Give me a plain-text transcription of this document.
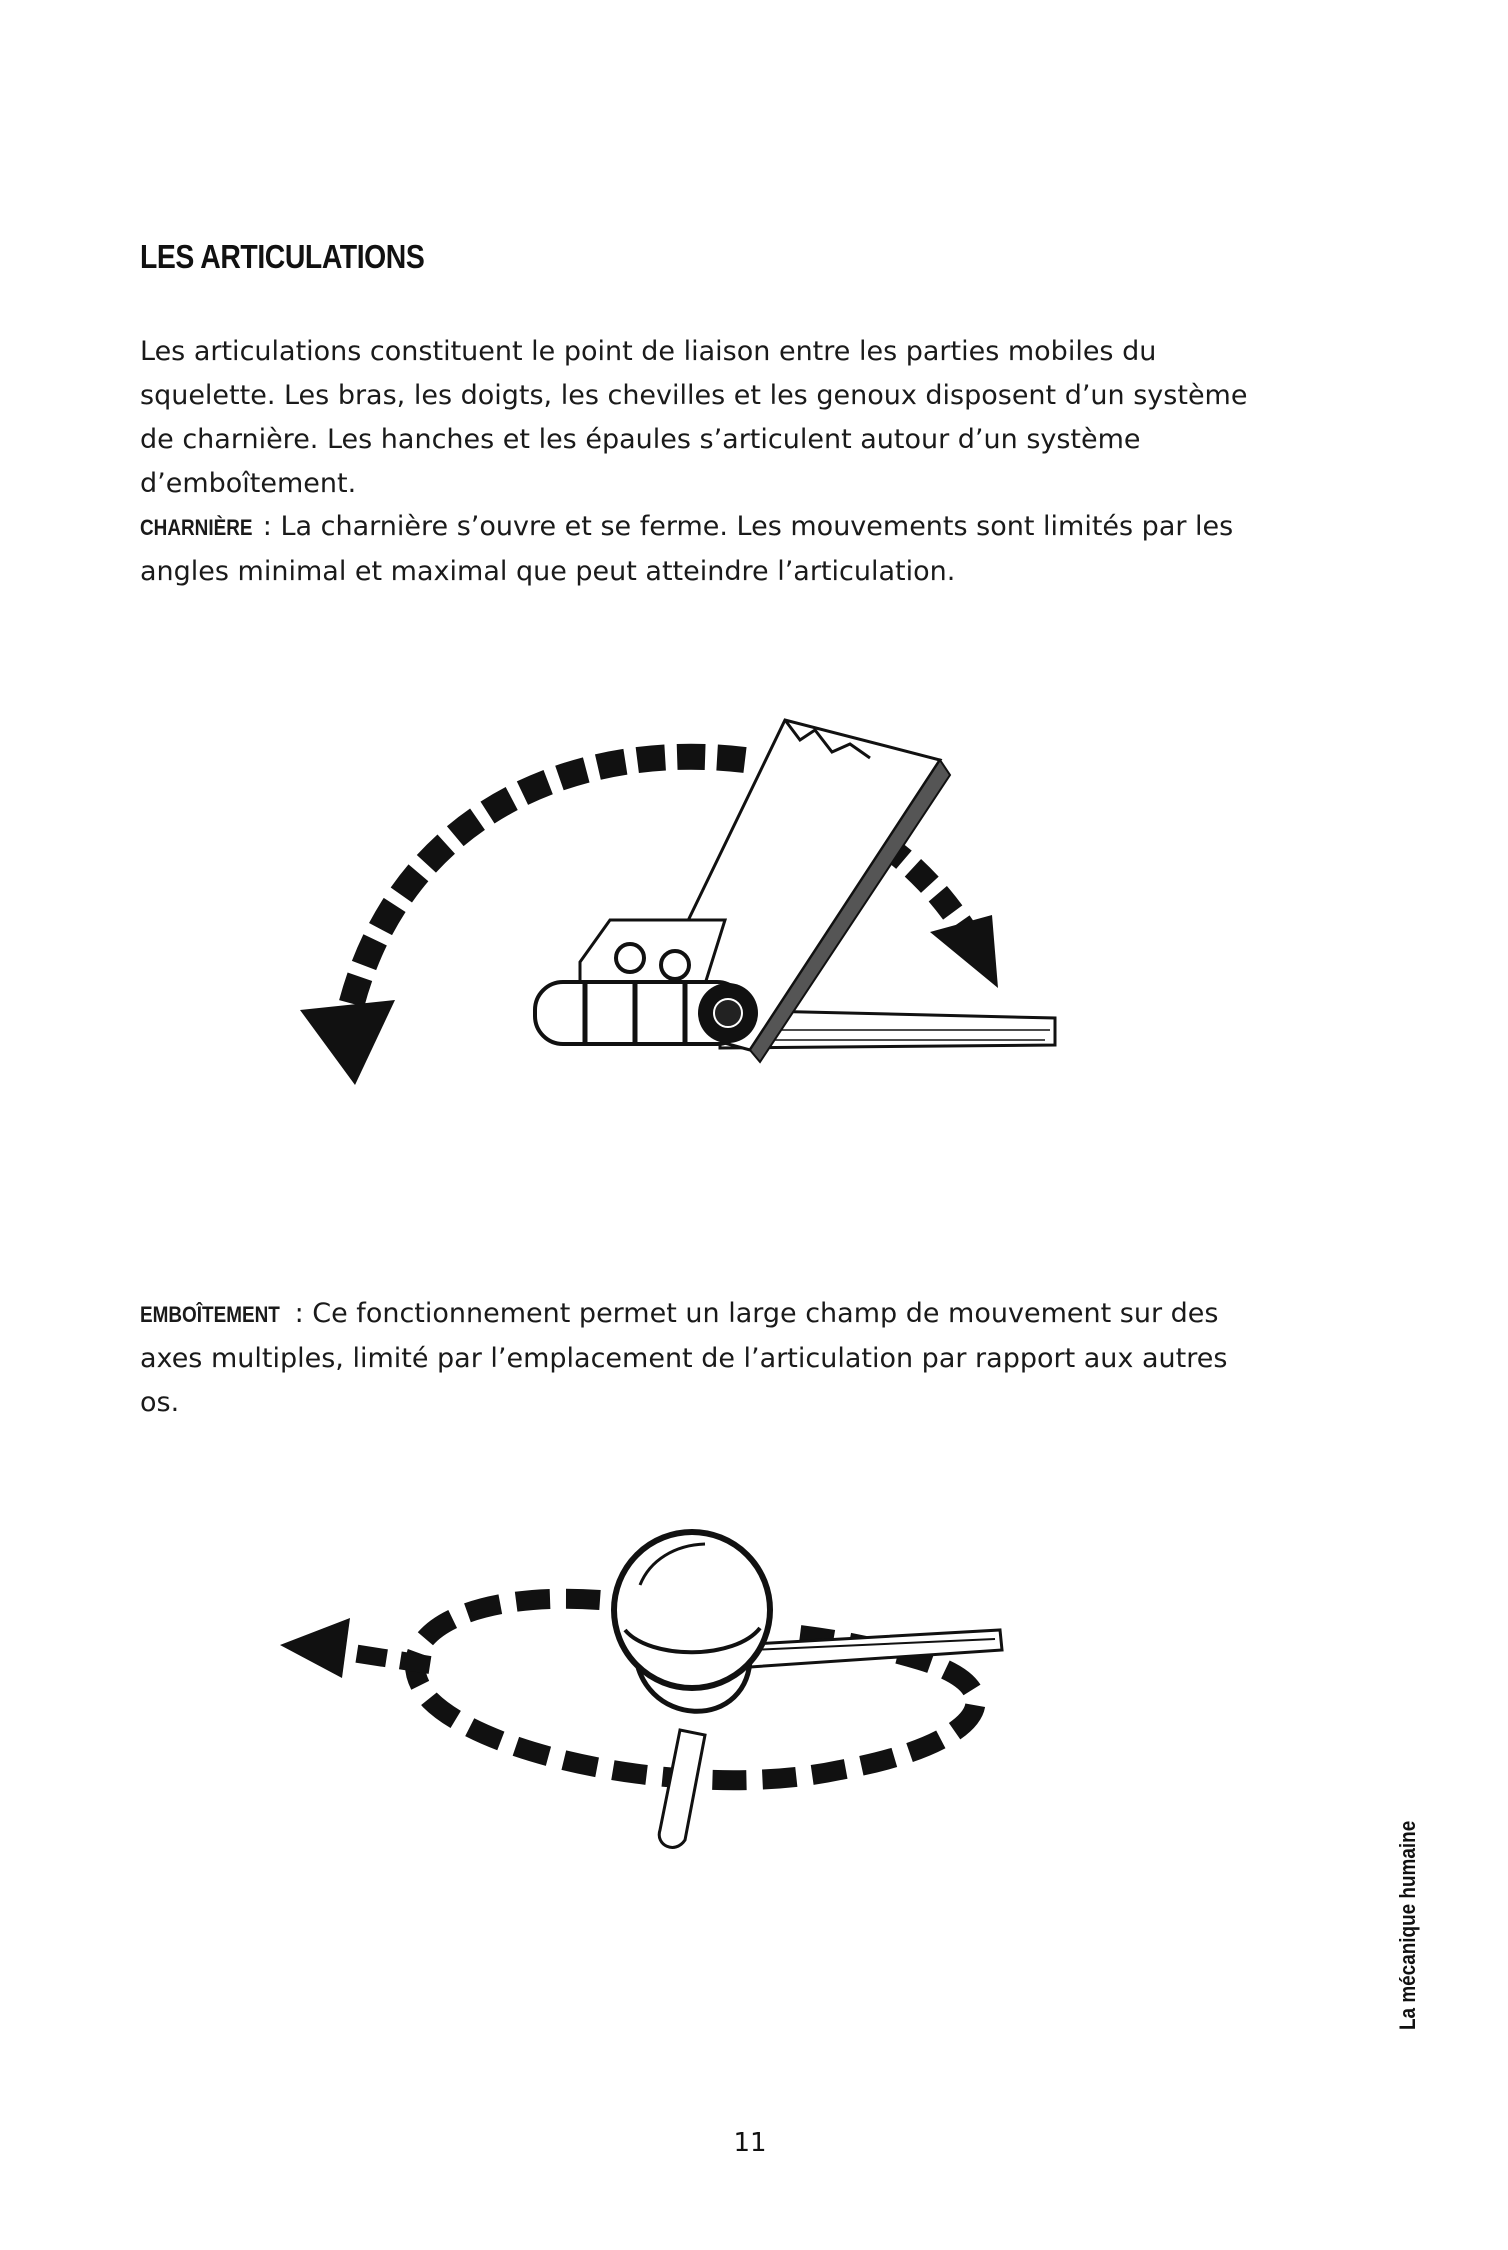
LES ARTICULATIONS

Les articulations constituent le point de liaison entre les parties mobiles du squelette. Les bras, les doigts, les chevilles et les genoux disposent d’un système de charnière. Les hanches et les épaules s’articulent autour d’un système d’emboîtement.

CHARNIÈRE : La charnière s’ouvre et se ferme. Les mouvements sont limités par les angles minimal et maximal que peut atteindre l’articulation.

EMBOÎTEMENT : Ce fonctionnement permet un large champ de mouvement sur des axes multiples, limité par l’emplacement de l’articulation par rapport aux autres os.

La mécanique humaine
11
